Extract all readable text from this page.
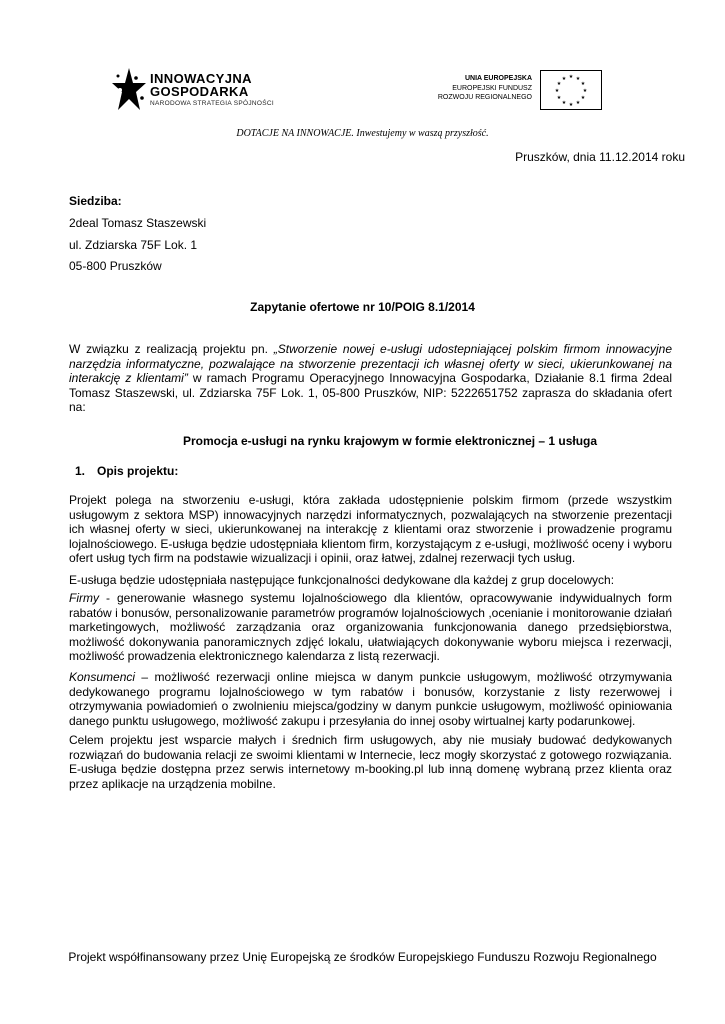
INNOWACYJNA
GOSPODARKA
NARODOWA STRATEGIA SPÓJNOŚCI
UNIA EUROPEJSKA
EUROPEJSKI FUNDUSZ
ROZWOJU REGIONALNEGO
★ ★
★
★
★
★
★
★
★
★
★
★
DOTACJE NA INNOWACJE. Inwestujemy w waszą przyszłość.
Pruszków, dnia 11.12.2014 roku
Siedziba:
2deal Tomasz Staszewski
ul. Zdziarska 75F Lok. 1
05-800 Pruszków
Zapytanie ofertowe nr 10/POIG 8.1/2014
W związku z realizacją projektu pn. „Stworzenie nowej e-usługi udostepniającej polskim firmom innowacyjne narzędzia informatyczne, pozwalające na stworzenie prezentacji ich własnej oferty w sieci, ukierunkowanej na interakcję z klientami” w ramach Programu Operacyjnego Innowacyjna Gospodarka, Działanie 8.1 firma 2deal Tomasz Staszewski, ul. Zdziarska 75F Lok. 1, 05-800 Pruszków, NIP: 5222651752 zaprasza do składania ofert na:
Promocja e-usługi na rynku krajowym w formie elektronicznej – 1 usługa
1. Opis projektu:
Projekt polega na stworzeniu e-usługi, która zakłada udostępnienie polskim firmom (przede wszystkim usługowym z sektora MSP) innowacyjnych narzędzi informatycznych, pozwalających na stworzenie prezentacji ich własnej oferty w sieci, ukierunkowanej na interakcję z klientami oraz stworzenie i prowadzenie programu lojalnościowego. E-usługa będzie udostępniała klientom firm, korzystającym z e-usługi, możliwość oceny i wyboru ofert usług tych firm na podstawie wizualizacji i opinii, oraz łatwej, zdalnej rezerwacji tych usług.
E-usługa będzie udostępniała następujące funkcjonalności dedykowane dla każdej z grup docelowych:
Firmy - generowanie własnego systemu lojalnościowego dla klientów, opracowywanie indywidualnych form rabatów i bonusów, personalizowanie parametrów programów lojalnościowych ,ocenianie i monitorowanie działań marketingowych, możliwość zarządzania oraz organizowania funkcjonowania danego przedsiębiorstwa, możliwość dokonywania panoramicznych zdjęć lokalu, ułatwiających dokonywanie wyboru miejsca i rezerwacji, możliwość prowadzenia elektronicznego kalendarza z listą rezerwacji.
Konsumenci – możliwość rezerwacji online miejsca w danym punkcie usługowym, możliwość otrzymywania dedykowanego programu lojalnościowego w tym rabatów i bonusów, korzystanie z listy rezerwowej i otrzymywania powiadomień o zwolnieniu miejsca/godziny w danym punkcie usługowym, możliwość opiniowania danego punktu usługowego, możliwość zakupu i przesyłania do innej osoby wirtualnej karty podarunkowej.
Celem projektu jest wsparcie małych i średnich firm usługowych, aby nie musiały budować dedykowanych rozwiązań do budowania relacji ze swoimi klientami w Internecie, lecz mogły skorzystać z gotowego rozwiązania. E-usługa będzie dostępna przez serwis internetowy m-booking.pl lub inną domenę wybraną przez klienta oraz przez aplikacje na urządzenia mobilne.
Projekt współfinansowany przez Unię Europejską ze środków Europejskiego Funduszu Rozwoju Regionalnego
